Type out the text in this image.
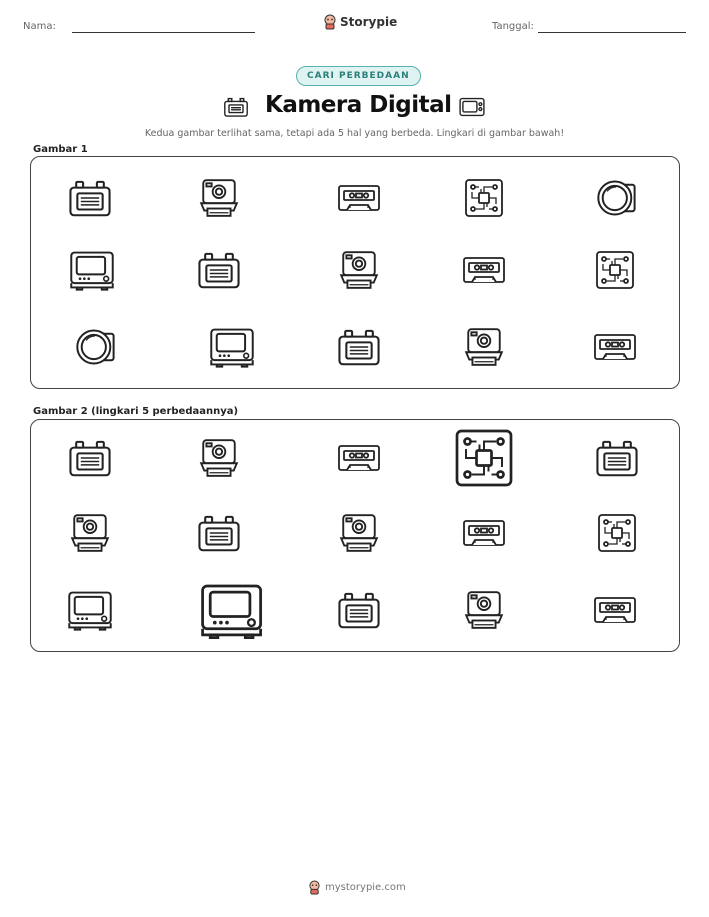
Nama:	Storypie	Tanggal:
CARI PERBEDAAN
Kamera Digital
Kedua gambar terlihat sama, tetapi ada 5 hal yang berbeda. Lingkari di gambar bawah!
Gambar 1
Gambar 2 (lingkari 5 perbedaannya)
mystorypie.com
